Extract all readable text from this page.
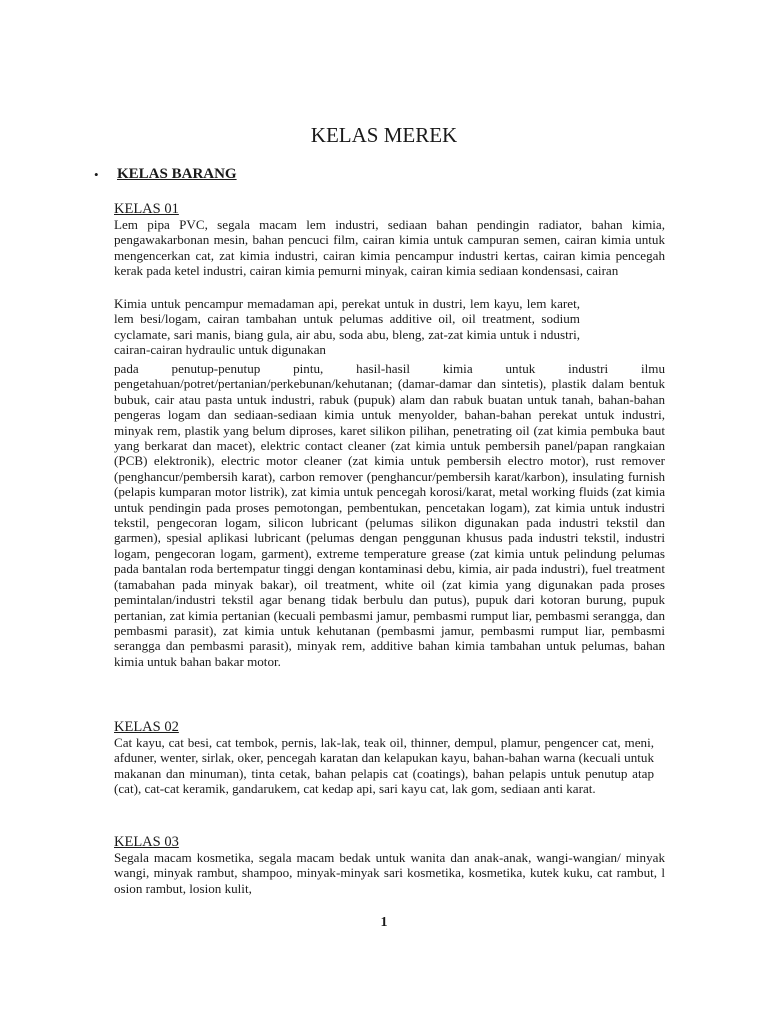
KELAS MEREK
• KELAS BARANG
KELAS 01

Lem pipa PVC, segala macam lem industri, sediaan bahan pendingin radiator, bahan kimia, pengawakarbonan mesin, bahan pencuci film, cairan kimia untuk campuran semen, cairan kimia untuk mengencerkan cat, zat kimia industri, cairan kimia pencampur industri kertas, cairan kimia pencegah kerak pada ketel industri, cairan kimia pemurni minyak, cairan kimia sediaan kondensasi, cairan

Kimia untuk pencampur memadaman api, perekat untuk in dustri, lem kayu, lem karet, lem besi/logam, cairan tambahan untuk pelumas additive oil, oil treatment, sodium cyclamate, sari manis, biang gula, air abu, soda abu, bleng, zat-zat kimia untuk i ndustri, cairan-cairan hydraulic untuk digunakan

pada penutup-penutup pintu, hasil-hasil kimia untuk industri ilmu pengetahuan/potret/pertanian/perkebunan/kehutanan; (damar-damar dan sintetis), plastik dalam bentuk bubuk, cair atau pasta untuk industri, rabuk (pupuk) alam dan rabuk buatan untuk tanah, bahan-bahan pengeras logam dan sediaan-sediaan kimia untuk menyolder, bahan-bahan perekat untuk industri, minyak rem, plastik yang belum diproses, karet silikon pilihan, penetrating oil (zat kimia pembuka baut yang berkarat dan macet), elektric contact cleaner (zat kimia untuk pembersih panel/papan rangkaian (PCB) elektronik), electric motor cleaner (zat kimia untuk pembersih electro motor), rust remover (penghancur/pembersih karat), carbon remover (penghancur/pembersih karat/karbon), insulating furnish (pelapis kumparan motor listrik), zat kimia untuk pencegah korosi/karat, metal working fluids (zat kimia untuk pendingin pada proses pemotongan, pembentukan, pencetakan logam), zat kimia untuk industri tekstil, pengecoran logam, silicon lubricant (pelumas silikon digunakan pada industri tekstil dan garmen), spesial aplikasi lubricant (pelumas dengan penggunan khusus pada industri tekstil, industri logam, pengecoran logam, garment), extreme temperature grease (zat kimia untuk pelindung pelumas pada bantalan roda bertempatur tinggi dengan kontaminasi debu, kimia, air pada industri), fuel treatment (tamabahan pada minyak bakar), oil treatment, white oil (zat kimia yang digunakan pada proses pemintalan/industri tekstil agar benang tidak berbulu dan putus), pupuk dari kotoran burung, pupuk pertanian, zat kimia pertanian (kecuali pembasmi jamur, pembasmi rumput liar, pembasmi serangga, dan pembasmi parasit), zat kimia untuk kehutanan (pembasmi jamur, pembasmi rumput liar, pembasmi serangga dan pembasmi parasit), minyak rem, additive bahan kimia tambahan untuk pelumas, bahan kimia untuk bahan bakar motor.

KELAS 02

Cat kayu, cat besi, cat tembok, pernis, lak-lak, teak oil, thinner, dempul, plamur, pengencer cat, meni, afduner, wenter, sirlak, oker, pencegah karatan dan kelapukan kayu, bahan-bahan warna (kecuali untuk makanan dan minuman), tinta cetak, bahan pelapis cat (coatings), bahan pelapis untuk penutup atap (cat), cat-cat keramik, gandarukem, cat kedap api, sari kayu cat, lak gom, sediaan anti karat.

KELAS 03

Segala macam kosmetika, segala macam bedak untuk wanita dan anak-anak, wangi-wangian/ minyak wangi, minyak rambut, shampoo, minyak-minyak sari kosmetika, kosmetika, kutek kuku, cat rambut, l osion rambut, losion kulit,

1
